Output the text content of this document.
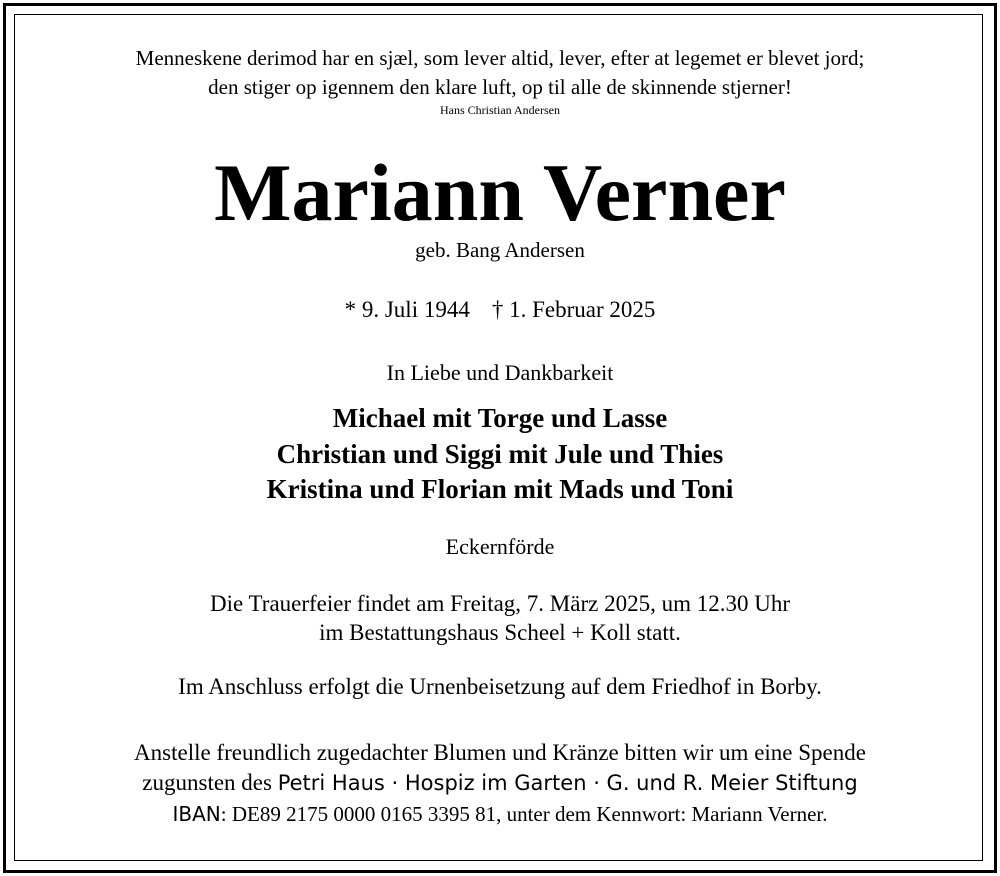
Menneskene derimod har en sjæl, som lever altid, lever, efter at legemet er blevet jord;
den stiger op igennem den klare luft, op til alle de skinnende stjerner!
Hans Christian Andersen
Mariann Verner
geb. Bang Andersen
* 9. Juli 1944 † 1. Februar 2025
In Liebe und Dankbarkeit
Michael mit Torge und Lasse
Christian und Siggi mit Jule und Thies
Kristina und Florian mit Mads und Toni
Eckernförde
Die Trauerfeier findet am Freitag, 7. März 2025, um 12.30 Uhr
im Bestattungshaus Scheel + Koll statt.
Im Anschluss erfolgt die Urnenbeisetzung auf dem Friedhof in Borby.
Anstelle freundlich zugedachter Blumen und Kränze bitten wir um eine Spende
zugunsten des Petri Haus · Hospiz im Garten · G. und R. Meier Stiftung
IBAN: DE89 2175 0000 0165 3395 81, unter dem Kennwort: Mariann Verner.
